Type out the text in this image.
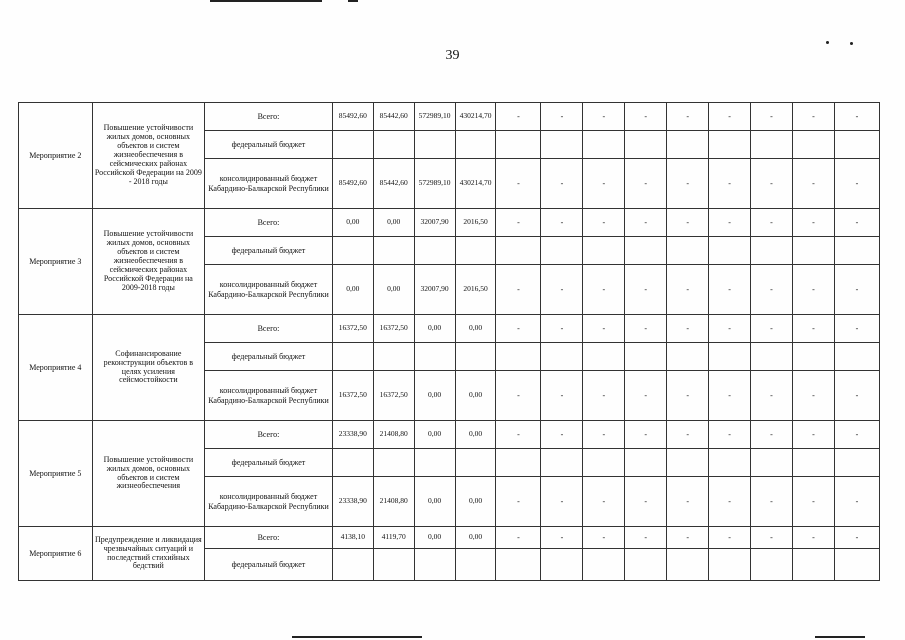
39
Мероприятие 2	Повышение устойчивости жилых домов, основных объектов и систем жизнеобеспечения в сейсмических районах Российской Федерации на 2009 - 2018 годы	Всего:	85492,60	85442,60	572989,10	430214,70	-	-	-	-	-	-	-	-	-
		федеральный бюджет													
		консолидированный бюджет Кабардино-Балкарской Республики	85492,60	85442,60	572989,10	430214,70	-	-	-	-	-	-	-	-	-
Мероприятие 3	Повышение устойчивости жилых домов, основных объектов и систем жизнеобеспечения в сейсмических районах Российской Федерации на 2009-2018 годы	Всего:	0,00	0,00	32007,90	2016,50	-	-	-	-	-	-	-	-	-
		федеральный бюджет													
		консолидированный бюджет Кабардино-Балкарской Республики	0,00	0,00	32007,90	2016,50	-	-	-	-	-	-	-	-	-
Мероприятие 4	Софинансирование реконструкции объектов в целях усиления сейсмостойкости	Всего:	16372,50	16372,50	0,00	0,00	-	-	-	-	-	-	-	-	-
		федеральный бюджет													
		консолидированный бюджет Кабардино-Балкарской Республики	16372,50	16372,50	0,00	0,00	-	-	-	-	-	-	-	-	-
Мероприятие 5	Повышение устойчивости жилых домов, основных объектов и систем жизнеобеспечения	Всего:	23338,90	21408,80	0,00	0,00	-	-	-	-	-	-	-	-	-
		федеральный бюджет													
		консолидированный бюджет Кабардино-Балкарской Республики	23338,90	21408,80	0,00	0,00	-	-	-	-	-	-	-	-	-
Мероприятие 6	Предупреждение и ликвидация чрезвычайных ситуаций и последствий стихийных бедствий	Всего:	4138,10	4119,70	0,00	0,00	-	-	-	-	-	-	-	-	-
		федеральный бюджет													
